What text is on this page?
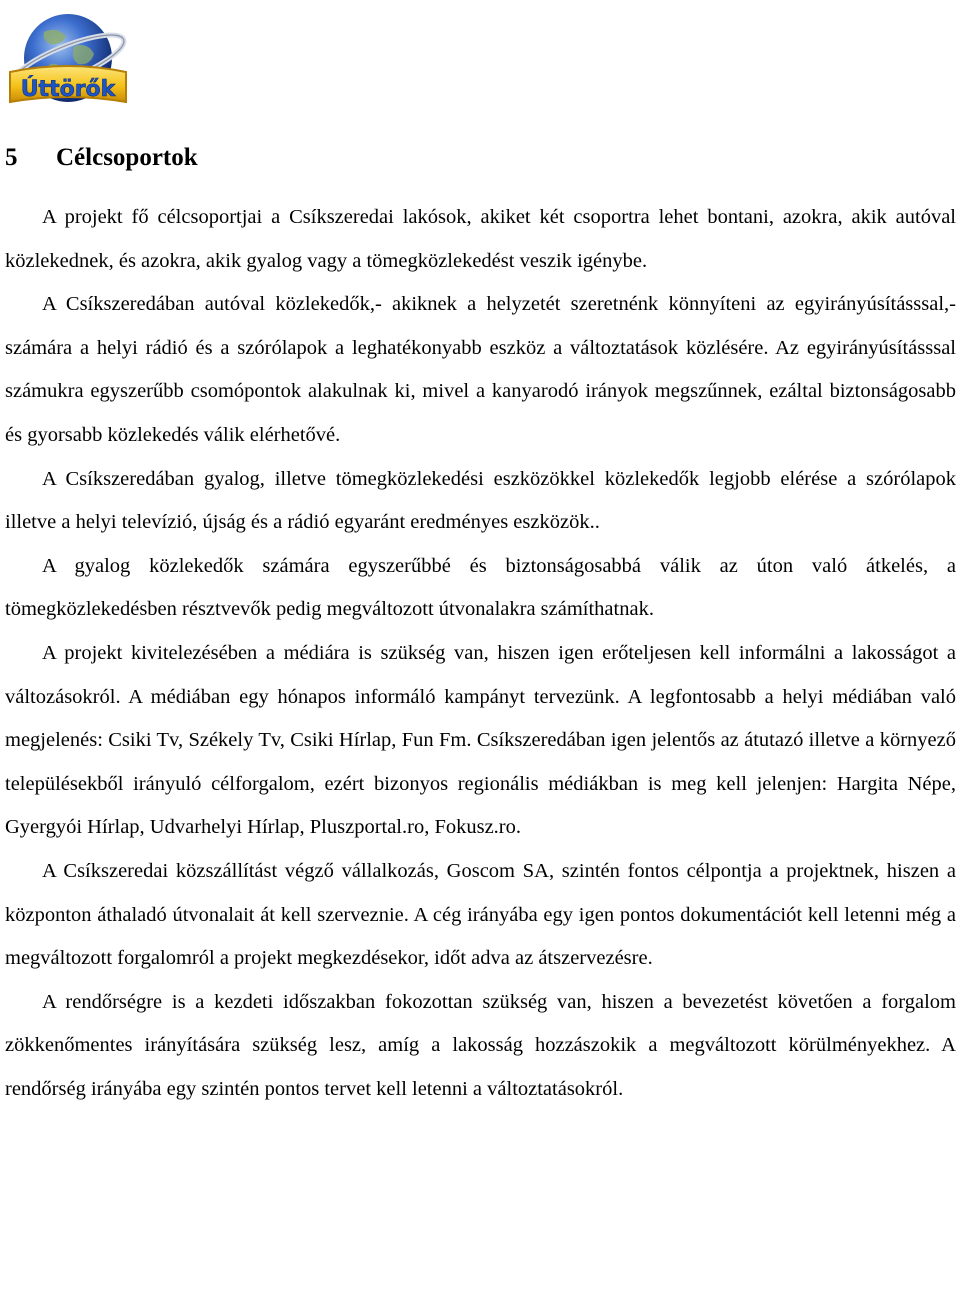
Úttörők
5 Célcsoportok

A projekt fő célcsoportjai a Csíkszeredai lakósok, akiket két csoportra lehet bontani, azokra, akik autóval közlekednek, és azokra, akik gyalog vagy a tömegközlekedést veszik igénybe.

A Csíkszeredában autóval közlekedők,- akiknek a helyzetét szeretnénk könnyíteni az egyirányúsításssal,- számára a helyi rádió és a szórólapok a leghatékonyabb eszköz a változtatások közlésére. Az egyirányúsításssal számukra egyszerűbb csomópontok alakulnak ki, mivel a kanyarodó irányok megszűnnek, ezáltal biztonságosabb és gyorsabb közlekedés válik elérhetővé.

A Csíkszeredában gyalog, illetve tömegközlekedési eszközökkel közlekedők legjobb elérése a szórólapok illetve a helyi televízió, újság és a rádió egyaránt eredményes eszközök..

A gyalog közlekedők számára egyszerűbbé és biztonságosabbá válik az úton való átkelés, a tömegközlekedésben résztvevők pedig megváltozott útvonalakra számíthatnak.

A projekt kivitelezésében a médiára is szükség van, hiszen igen erőteljesen kell informálni a lakosságot a változásokról. A médiában egy hónapos informáló kampányt tervezünk. A legfontosabb a helyi médiában való megjelenés: Csiki Tv, Székely Tv, Csiki Hírlap, Fun Fm. Csíkszeredában igen jelentős az átutazó illetve a környező településekből irányuló célforgalom, ezért bizonyos regionális médiákban is meg kell jelenjen: Hargita Népe, Gyergyói Hírlap, Udvarhelyi Hírlap, Pluszportal.ro, Fokusz.ro.

A Csíkszeredai közszállítást végző vállalkozás, Goscom SA, szintén fontos célpontja a projektnek, hiszen a központon áthaladó útvonalait át kell szerveznie. A cég irányába egy igen pontos dokumentációt kell letenni még a megváltozott forgalomról a projekt megkezdésekor, időt adva az átszervezésre.

A rendőrségre is a kezdeti időszakban fokozottan szükség van, hiszen a bevezetést követően a forgalom zökkenőmentes irányítására szükség lesz, amíg a lakosság hozzászokik a megváltozott körülményekhez. A rendőrség irányába egy szintén pontos tervet kell letenni a változtatásokról.
